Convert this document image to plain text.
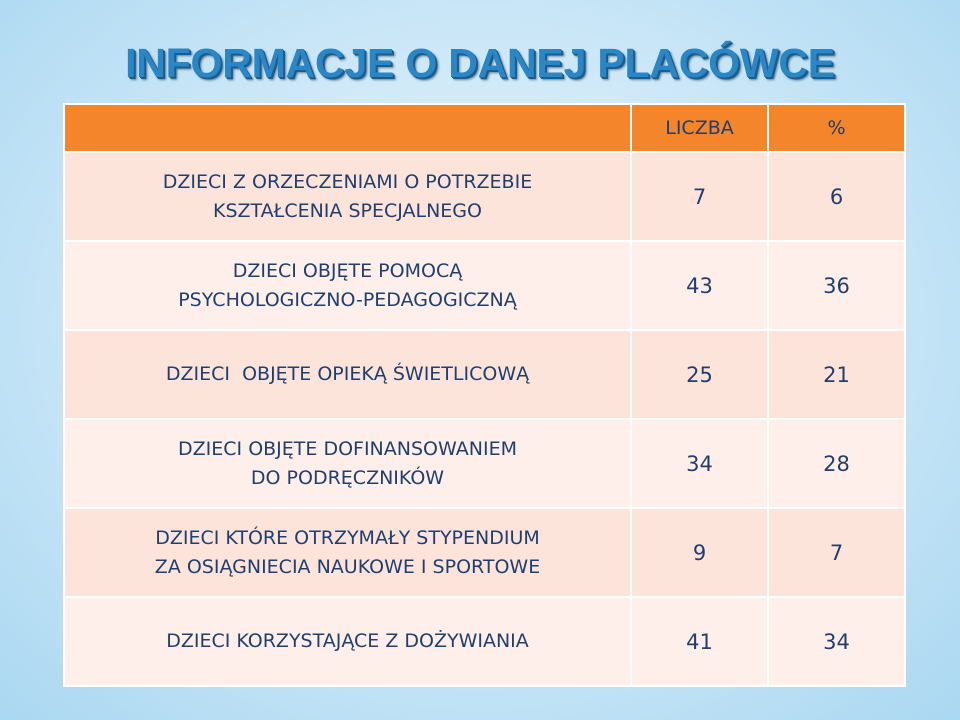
INFORMACJE O DANEJ PLACÓWCE
	LICZBA	%

DZIECI Z ORZECZENIAMI O POTRZEBIE
KSZTAŁCENIA SPECJALNEGO	7	6

DZIECI OBJĘTE POMOCĄ
PSYCHOLOGICZNO-PEDAGOGICZNĄ	43	36

DZIECI  OBJĘTE OPIEKĄ ŚWIETLICOWĄ	25	21

DZIECI OBJĘTE DOFINANSOWANIEM
DO PODRĘCZNIKÓW	34	28

DZIECI KTÓRE OTRZYMAŁY STYPENDIUM
ZA OSIĄGNIECIA NAUKOWE I SPORTOWE	9	7

DZIECI KORZYSTAJĄCE Z DOŻYWIANIA	41	34
